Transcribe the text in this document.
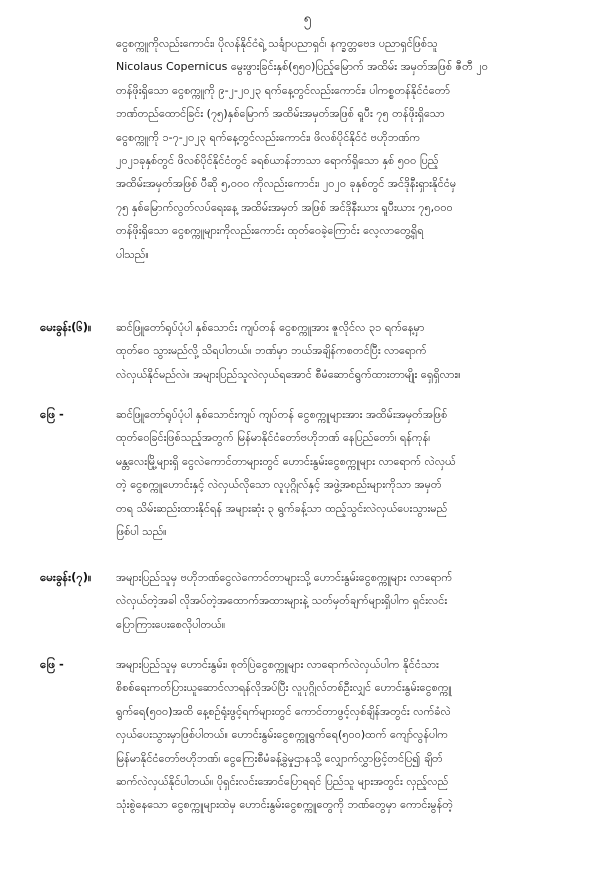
၅
ငွေစက္ကူကိုလည်းကောင်း၊ ပိုလန်နိုင်ငံရဲ့ သင်္ချာပညာရှင်၊ နက္ခတ္တဗေဒ ပညာရှင်ဖြစ်သူ
Nicolaus Copernicus မွေးဖွားခြင်းနှစ်(၅၅၀)ပြည့်မြောက် အထိမ်း အမှတ်အဖြစ် ဇီတီ ၂၀
တန်ဖိုးရှိသော ငွေစက္ကူကို ၉-၂-၂၀၂၃ ရက်နေ့တွင်လည်းကောင်း၊ ပါကစ္စတန်နိုင်ငံတော်
ဘဏ်တည်ထောင်ခြင်း (၇၅)နှစ်မြောက် အထိမ်းအမှတ်အဖြစ် ရူပီး ၇၅ တန်ဖိုးရှိသော
ငွေစက္ကူကို ၁-၇-၂၀၂၃ ရက်နေ့တွင်လည်းကောင်း၊ ဖိလစ်ပိုင်နိုင်ငံ ဗဟိုဘဏ်က
၂၀၂၁ခုနှစ်တွင် ဖိလစ်ပိုင်နိုင်ငံတွင် ခရစ်ယာန်ဘာသာ ရောက်ရှိသော နှစ် ၅၀၀ ပြည့်
အထိမ်းအမှတ်အဖြစ် ပီဆို ၅,၀၀၀ ကိုလည်းကောင်း၊ ၂၀၂၀ ခုနှစ်တွင် အင်ဒိုနီးရှားနိုင်ငံမှ
၇၅ နှစ်မြောက်လွတ်လပ်ရေးနေ့ အထိမ်းအမှတ် အဖြစ် အင်ဒိုနီးယား ရူပီးယား ၇၅,၀၀၀
တန်ဖိုးရှိသော ငွေစက္ကူများကိုလည်းကောင်း ထုတ်ဝေခဲ့ကြောင်း လေ့လာတွေ့ရှိရ
ပါသည်။
မေးခွန်း(၆)။	ဆင်ဖြူတော်ရုပ်ပုံပါ နှစ်သောင်း ကျပ်တန် ငွေစက္ကူအား ဇူလိုင်လ ၃၁ ရက်နေ့မှာ
ထုတ်ဝေ သွားမည်လို့ သိရပါတယ်။ ဘဏ်မှာ ဘယ်အချိန်ကစတင်ပြီး လာရောက်
လဲလှယ်နိုင်မည်လဲ။ အများပြည်သူလဲလှယ်ရအောင် စီမံဆောင်ရွက်ထားတာမျိုး ရှေရှိလား။
ဖြေ -	ဆင်ဖြူတော်ရုပ်ပုံပါ နှစ်သောင်းကျပ် ကျပ်တန် ငွေစက္ကူများအား အထိမ်းအမှတ်အဖြစ်
ထုတ်ဝေခြင်းဖြစ်သည့်အတွက် မြန်မာနိုင်ငံတော်ဗဟိုဘဏ် နေပြည်တော်၊ ရန်ကုန်၊
မန္တလေးမြို့များရှိ ငွေလဲကောင်တာများတွင် ဟောင်းနွမ်းငွေစက္ကူများ လာရောက် လဲလှယ်
တဲ့ ငွေစက္ကူဟောင်းနှင့် လဲလှယ်လိုသော လူပုဂ္ဂိုလ်နှင့် အဖွဲ့အစည်းများကိုသာ အမှတ်
တရ သိမ်းဆည်းထားနိုင်ရန် အများဆုံး ၃ ရွက်ခန့်သာ ထည့်သွင်းလဲလှယ်ပေးသွားမည်
ဖြစ်ပါ သည်။
မေးခွန်း(၇)။	အများပြည်သူမှ ဗဟိုဘဏ်ငွေလဲကောင်တာများသို့ ဟောင်းနွမ်းငွေစက္ကူများ လာရောက်
လဲလှယ်တဲ့အခါ လိုအပ်တဲ့အထောက်အထားများနဲ့ သတ်မှတ်ချက်များရှိပါက ရှင်းလင်း
ပြောကြားပေးစေလိုပါတယ်။
ဖြေ -	အများပြည်သူမှ ဟောင်းနွမ်း၊ စုတ်ပြဲငွေစက္ကူများ လာရောက်လဲလှယ်ပါက နိုင်ငံသား
စိစစ်ရေးကတ်ပြားယူဆောင်လာရန်လိုအပ်ပြီး လူပုဂ္ဂိုလ်တစ်ဦးလျှင် ဟောင်းနွမ်းငွေစက္ကူ
ရွက်ရေ(၅၀၀)အထိ နေ့စဉ်ရုံးဖွင့်ရက်များတွင် ကောင်တာဖွင့်လှစ်ချိန်အတွင်း လက်ခံလဲ
လှယ်ပေးသွားမှာဖြစ်ပါတယ်။ ဟောင်းနွမ်းငွေစက္ကူရွက်ရေ(၅၀၀)ထက် ကျော်လွန်ပါက
မြန်မာနိုင်ငံတော်ဗဟိုဘဏ်၊ ငွေကြေးစီမံခန့်ခွဲမှုဌာနသို့ လျှောက်လွှာဖြင့်တင်ပြ၍ ချိတ်
ဆက်လဲလှယ်နိုင်ပါတယ်။ ပိုရှင်းလင်းအောင်ပြောရရင် ပြည်သူ များအတွင်း လှည့်လည်
သုံးစွဲနေသော ငွေစက္ကူများထဲမှ ဟောင်းနွမ်းငွေစက္ကူတွေကို ဘဏ်တွေမှာ ကောင်းမွန်တဲ့
